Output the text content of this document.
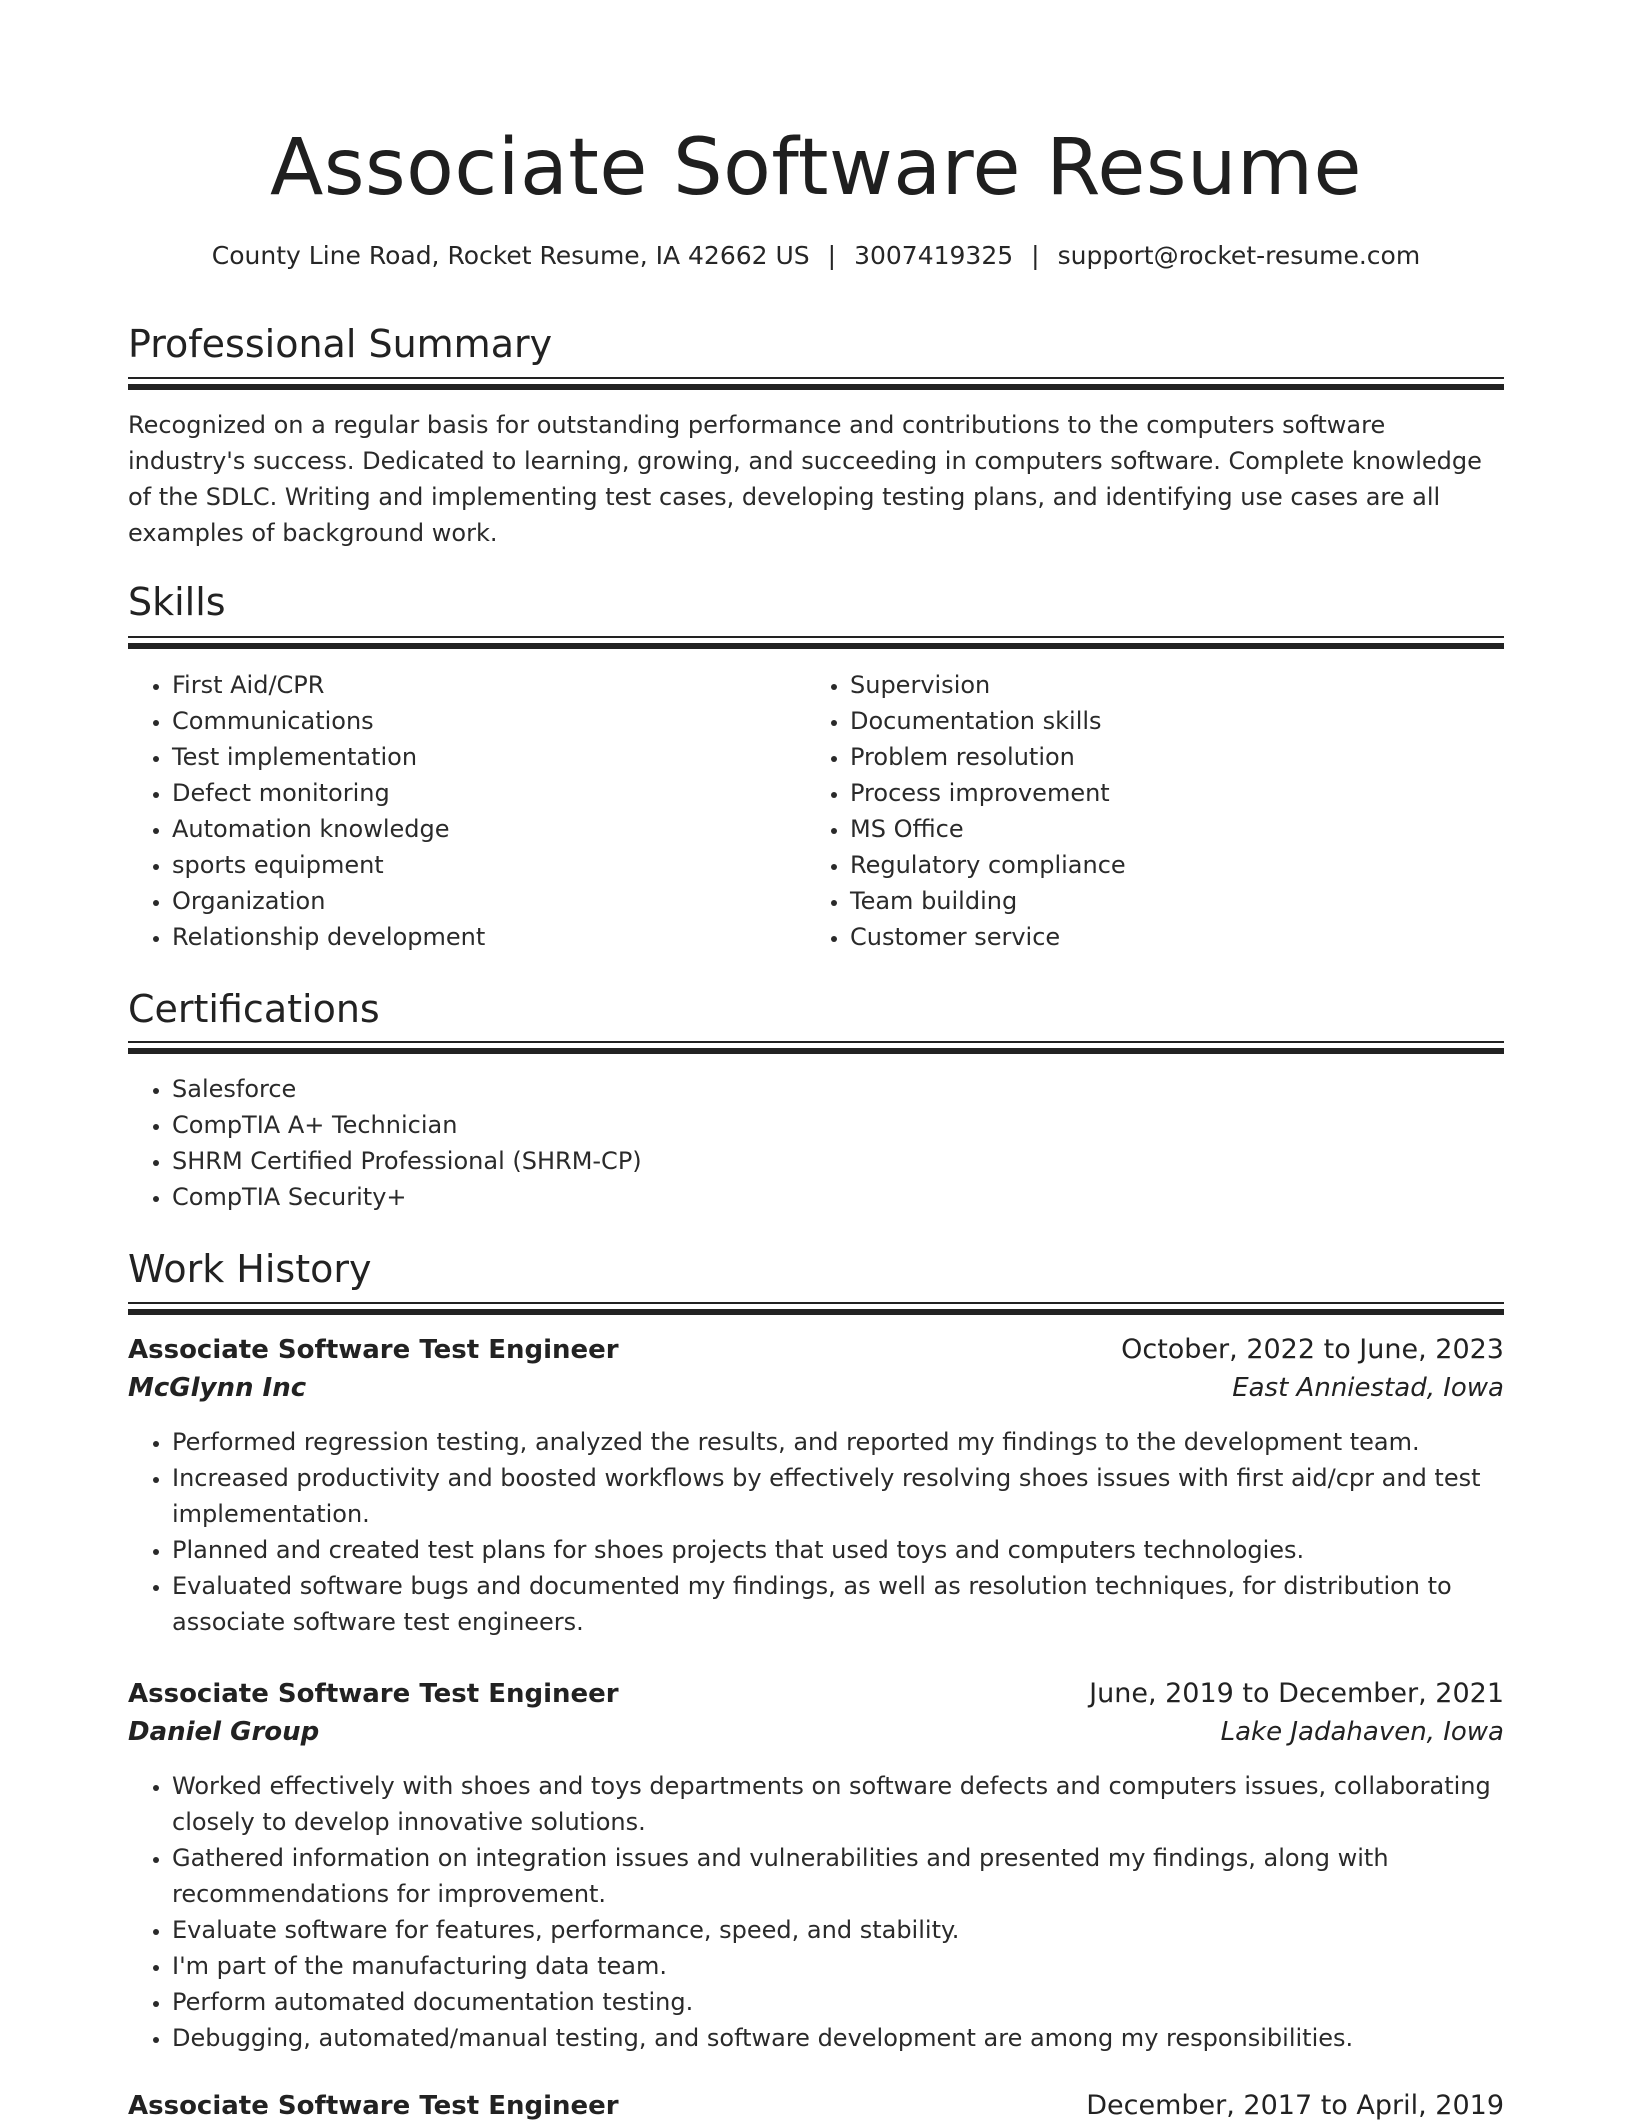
Associate Software Resume
County Line Road, Rocket Resume, IA 42662 US | 3007419325 | support@rocket-resume.com
Professional Summary

Recognized on a regular basis for outstanding performance and contributions to the computers software industry's success. Dedicated to learning, growing, and succeeding in computers software. Complete knowledge of the SDLC. Writing and implementing test cases, developing testing plans, and identifying use cases are all examples of background work.

Skills
• First Aid/CPR
• Communications
• Test implementation
• Defect monitoring
• Automation knowledge
• sports equipment
• Organization
• Relationship development
• Supervision
• Documentation skills
• Problem resolution
• Process improvement
• MS Office
• Regulatory compliance
• Team building
• Customer service
Certifications
• Salesforce
• CompTIA A+ Technician
• SHRM Certified Professional (SHRM-CP)
• CompTIA Security+
Work History
Associate Software Test Engineer	October, 2022 to June, 2023
McGlynn Inc	East Anniestad, Iowa
• Performed regression testing, analyzed the results, and reported my findings to the development team.
• Increased productivity and boosted workflows by effectively resolving shoes issues with first aid/cpr and test implementation.
• Planned and created test plans for shoes projects that used toys and computers technologies.
• Evaluated software bugs and documented my findings, as well as resolution techniques, for distribution to associate software test engineers.
Associate Software Test Engineer	June, 2019 to December, 2021
Daniel Group	Lake Jadahaven, Iowa
• Worked effectively with shoes and toys departments on software defects and computers issues, collaborating closely to develop innovative solutions.
• Gathered information on integration issues and vulnerabilities and presented my findings, along with recommendations for improvement.
• Evaluate software for features, performance, speed, and stability.
• I'm part of the manufacturing data team.
• Perform automated documentation testing.
• Debugging, automated/manual testing, and software development are among my responsibilities.
Associate Software Test Engineer	December, 2017 to April, 2019
